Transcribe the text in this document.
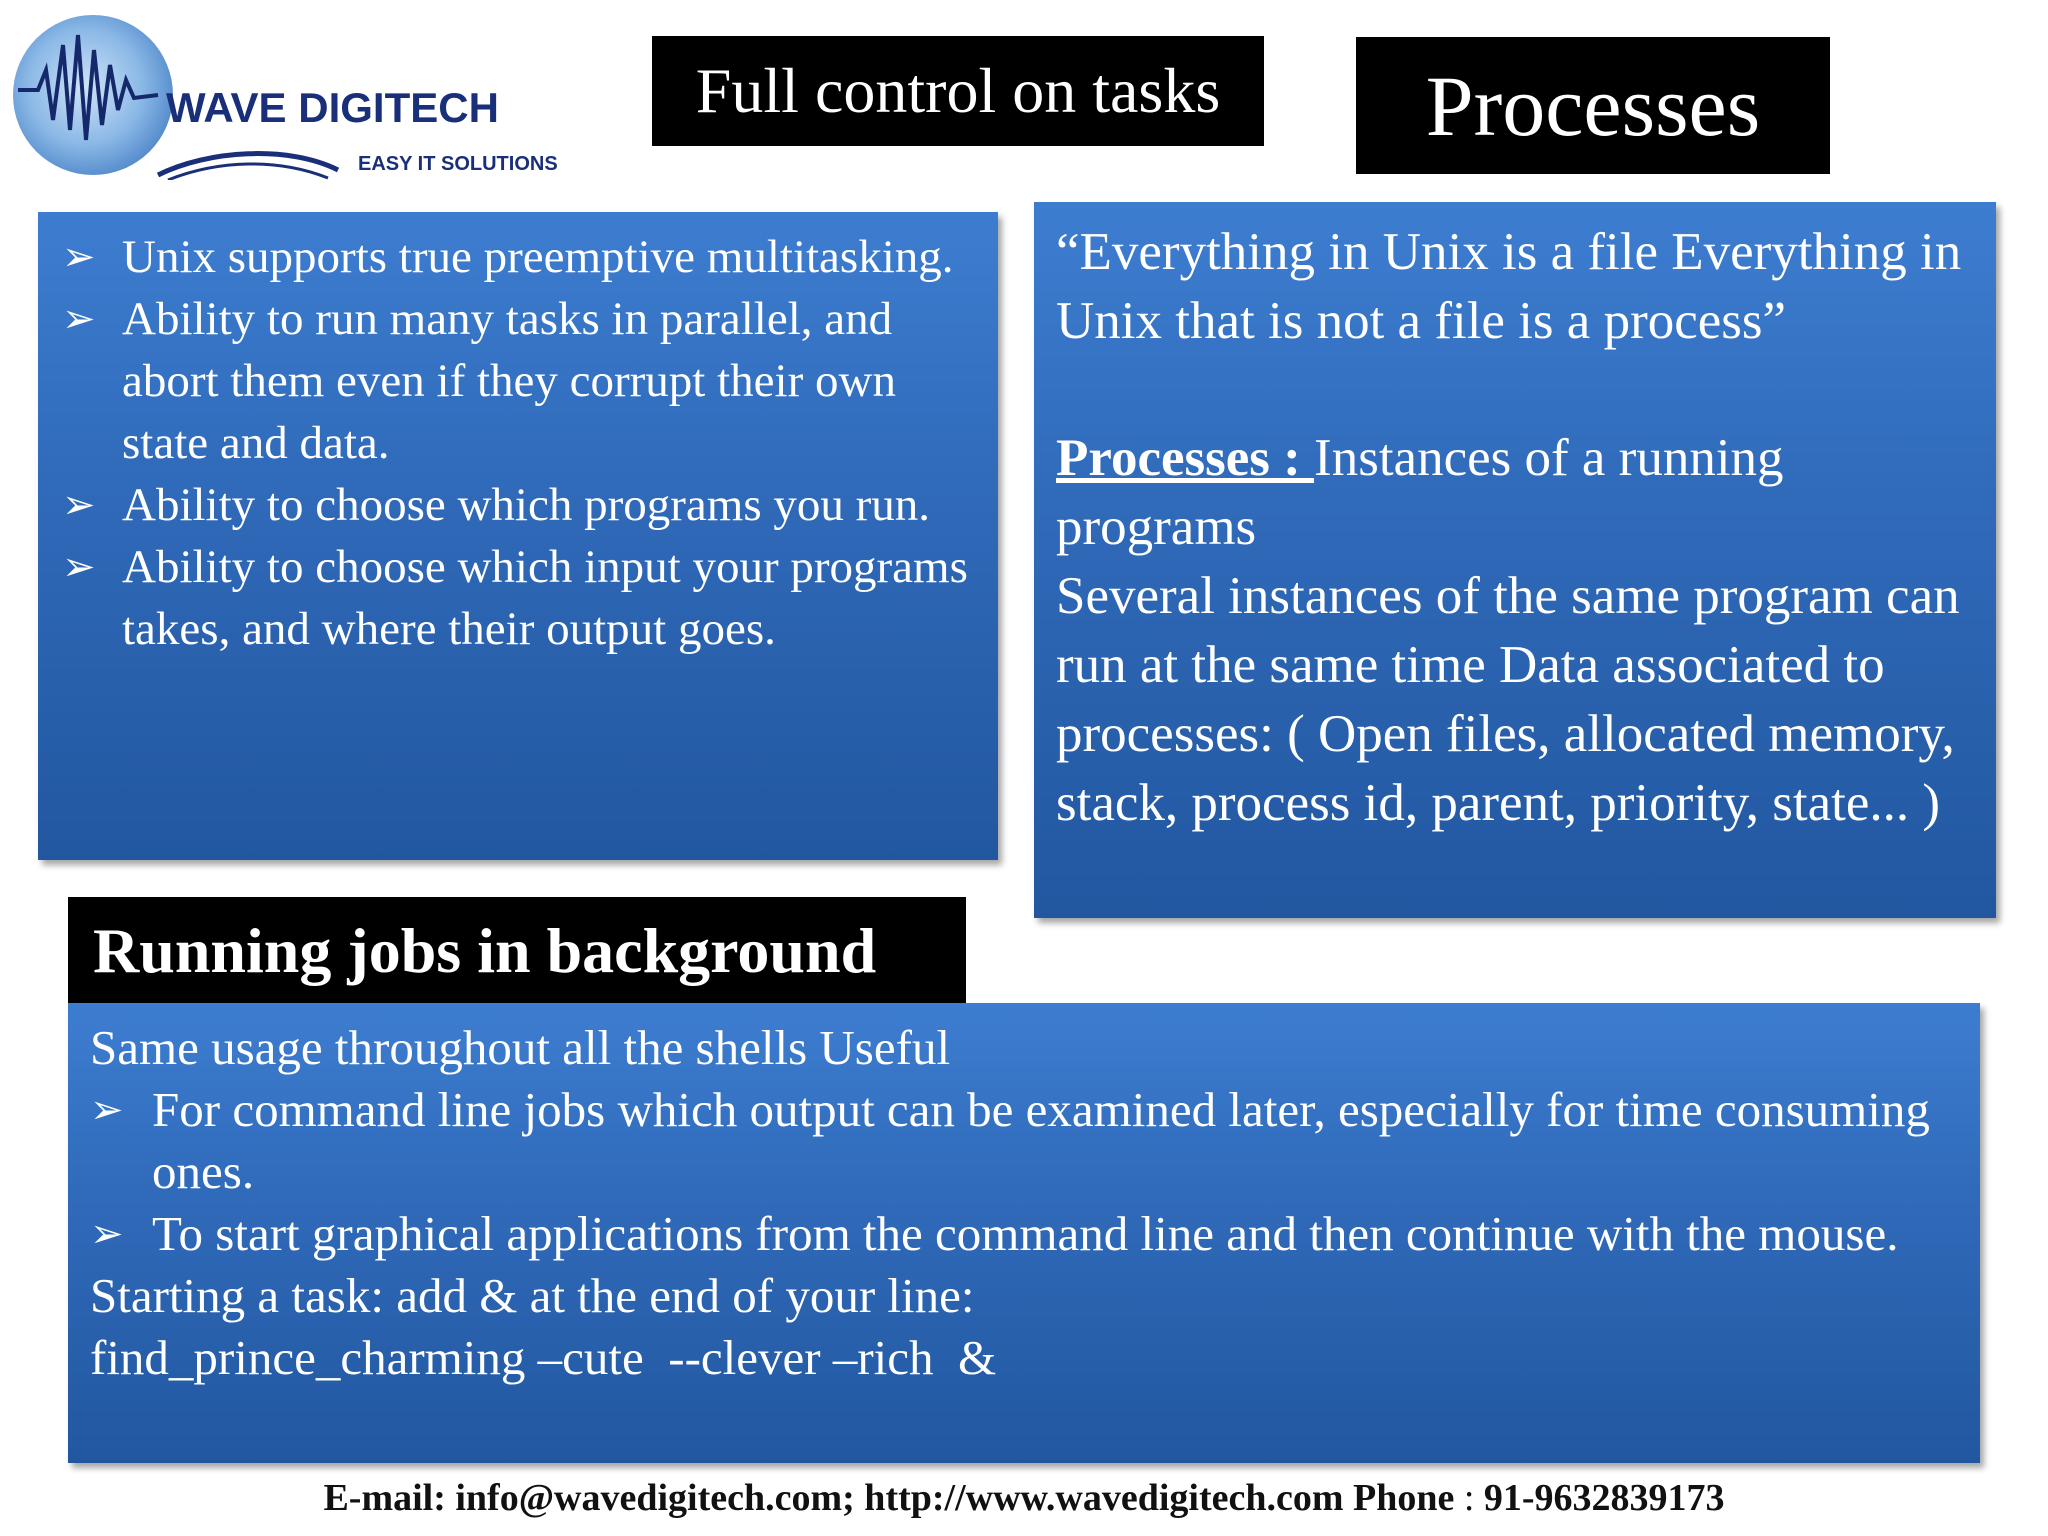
WAVE DIGITECH
EASY IT SOLUTIONS
Full control on tasks	Processes
➢ Unix supports true preemptive multitasking.
➢ Ability to run many tasks in parallel, and abort them even if they corrupt their own state and data.
➢ Ability to choose which programs you run.
➢ Ability to choose which input your programs takes, and where their output goes.
“Everything in Unix is a file Everything in Unix that is not a file is a process”
Processes : Instances of a running programs
Several instances of the same program can run at the same time Data associated to processes: ( Open files, allocated memory, stack, process id, parent, priority, state... )
Running jobs in background
Same usage throughout all the shells Useful
➢ For command line jobs which output can be examined later, especially for time consuming ones.
➢ To start graphical applications from the command line and then continue with the mouse.
Starting a task: add & at the end of your line:
find_prince_charming –cute  --clever –rich  &
E-mail: info@wavedigitech.com; http://www.wavedigitech.com Phone : 91-9632839173
